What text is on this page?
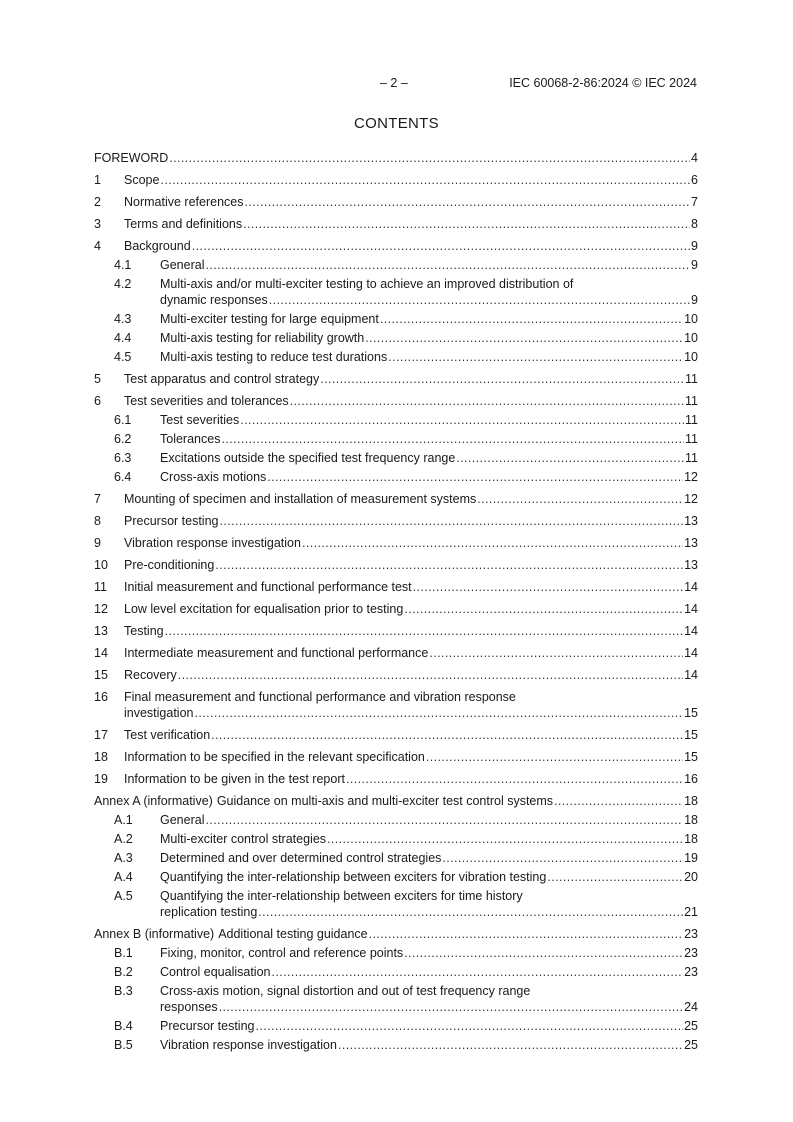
– 2 –	IEC 60068-2-86:2024 © IEC 2024
CONTENTS
FOREWORD .....	4
1 Scope .....	6
2 Normative references .....	7
3 Terms and definitions .....	8
4 Background .....	9
4.1 General .....	9
4.2 Multi-axis and/or multi-exciter testing to achieve an improved distribution of
dynamic responses .....	9
4.3 Multi-exciter testing for large equipment .....	10
4.4 Multi-axis testing for reliability growth .....	10
4.5 Multi-axis testing to reduce test durations .....	10
5 Test apparatus and control strategy .....	11
6 Test severities and tolerances .....	11
6.1 Test severities .....	11
6.2 Tolerances .....	11
6.3 Excitations outside the specified test frequency range .....	11
6.4 Cross-axis motions .....	12
7 Mounting of specimen and installation of measurement systems .....	12
8 Precursor testing .....	13
9 Vibration response investigation .....	13
10 Pre-conditioning .....	13
11 Initial measurement and functional performance test .....	14
12 Low level excitation for equalisation prior to testing .....	14
13 Testing .....	14
14 Intermediate measurement and functional performance .....	14
15 Recovery .....	14
16 Final measurement and functional performance and vibration response
investigation .....	15
17 Test verification .....	15
18 Information to be specified in the relevant specification .....	15
19 Information to be given in the test report .....	16
Annex A (informative) Guidance on multi-axis and multi-exciter test control systems .....	18
A.1 General .....	18
A.2 Multi-exciter control strategies .....	18
A.3 Determined and over determined control strategies .....	19
A.4 Quantifying the inter-relationship between exciters for vibration testing .....	20
A.5 Quantifying the inter-relationship between exciters for time history
replication testing .....	21
Annex B (informative) Additional testing guidance .....	23
B.1 Fixing, monitor, control and reference points .....	23
B.2 Control equalisation .....	23
B.3 Cross-axis motion, signal distortion and out of test frequency range
responses .....	24
B.4 Precursor testing .....	25
B.5 Vibration response investigation .....	25
